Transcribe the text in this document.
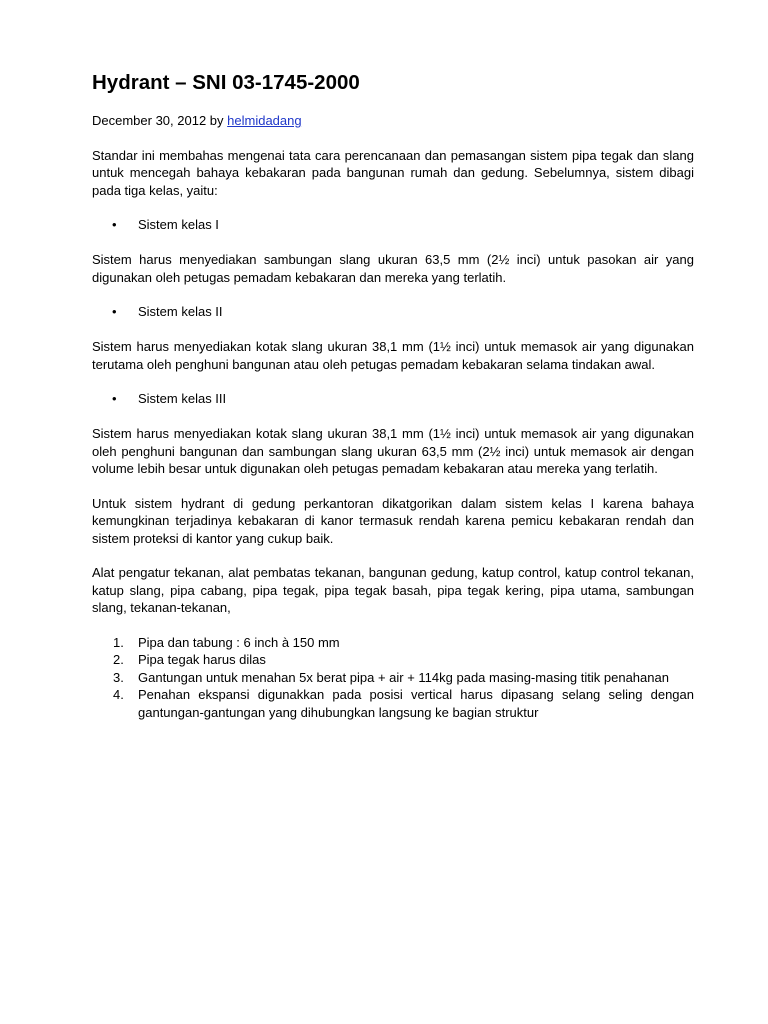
Hydrant – SNI 03-1745-2000
December 30, 2012 by helmidadang

Standar ini membahas mengenai tata cara perencanaan dan pemasangan sistem pipa tegak dan slang untuk mencegah bahaya kebakaran pada bangunan rumah dan gedung. Sebelumnya, sistem dibagi pada tiga kelas, yaitu:

• Sistem kelas I

Sistem harus menyediakan sambungan slang ukuran 63,5 mm (2½ inci) untuk pasokan air yang digunakan oleh petugas pemadam kebakaran dan mereka yang terlatih.

• Sistem kelas II

Sistem harus menyediakan kotak slang ukuran 38,1 mm (1½ inci) untuk memasok air yang digunakan terutama oleh penghuni bangunan atau oleh petugas pemadam kebakaran selama tindakan awal.

• Sistem kelas III

Sistem harus menyediakan kotak slang ukuran 38,1 mm (1½ inci) untuk memasok air yang digunakan oleh penghuni bangunan dan sambungan slang ukuran 63,5 mm (2½ inci) untuk memasok air dengan volume lebih besar untuk digunakan oleh petugas pemadam kebakaran atau mereka yang terlatih.

Untuk sistem hydrant di gedung perkantoran dikatgorikan dalam sistem kelas I karena bahaya kemungkinan terjadinya kebakaran di kanor termasuk rendah karena pemicu kebakaran rendah dan sistem proteksi di kantor yang cukup baik.

Alat pengatur tekanan, alat pembatas tekanan, bangunan gedung, katup control, katup control tekanan, katup slang, pipa cabang, pipa tegak, pipa tegak basah, pipa tegak kering, pipa utama, sambungan slang, tekanan-tekanan,

1. Pipa dan tabung : 6 inch à 150 mm
2. Pipa tegak harus dilas
3. Gantungan untuk menahan 5x berat pipa + air + 114kg pada masing-masing titik penahanan
4. Penahan ekspansi digunakkan pada posisi vertical harus dipasang selang seling dengan gantungan-gantungan yang dihubungkan langsung ke bagian struktur
